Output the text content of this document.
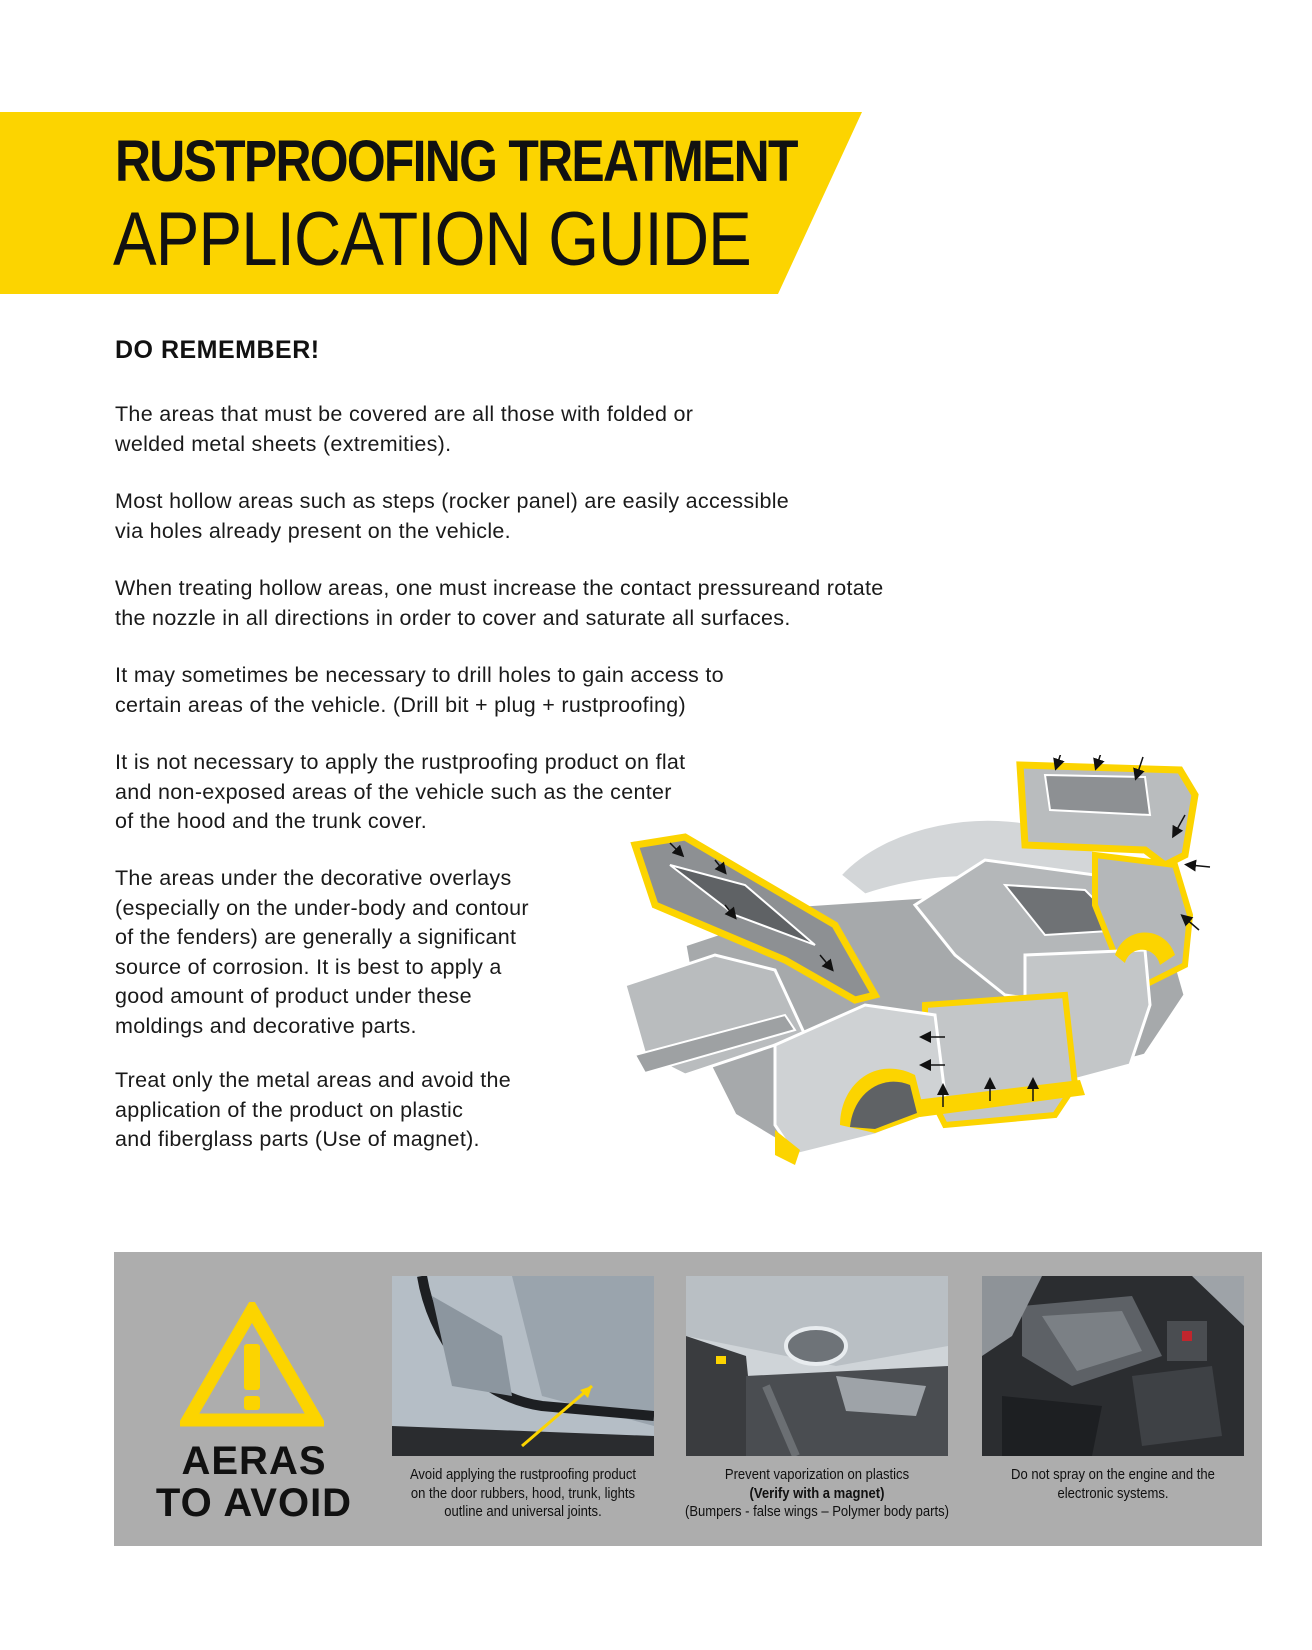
RUSTPROOFING TREATMENT
APPLICATION GUIDE
DO REMEMBER!
The areas that must be covered are all those with folded or
welded metal sheets (extremities).
Most hollow areas such as steps (rocker panel) are easily accessible
via holes already present on the vehicle.
When treating hollow areas, one must increase the contact pressureand rotate
the nozzle in all directions in order to cover and saturate all surfaces.
It may sometimes be necessary to drill holes to gain access to
certain areas of the vehicle. (Drill bit + plug + rustproofing)
It is not necessary to apply the rustproofing product on flat
and non-exposed areas of the vehicle such as the center
of the hood and the trunk cover.
The areas under the decorative overlays
(especially on the under-body and contour
of the fenders) are generally a significant
source of corrosion. It is best to apply a
good amount of product under these
moldings and decorative parts.
Treat only the metal areas and avoid the
application of the product on plastic
and fiberglass parts (Use of magnet).
AERAS
TO AVOID
Avoid applying the rustproofing product
on the door rubbers, hood, trunk, lights
outline and universal joints.
Prevent vaporization on plastics
(Verify with a magnet)
(Bumpers - false wings – Polymer body parts)
Do not spray on the engine and the
electronic systems.
